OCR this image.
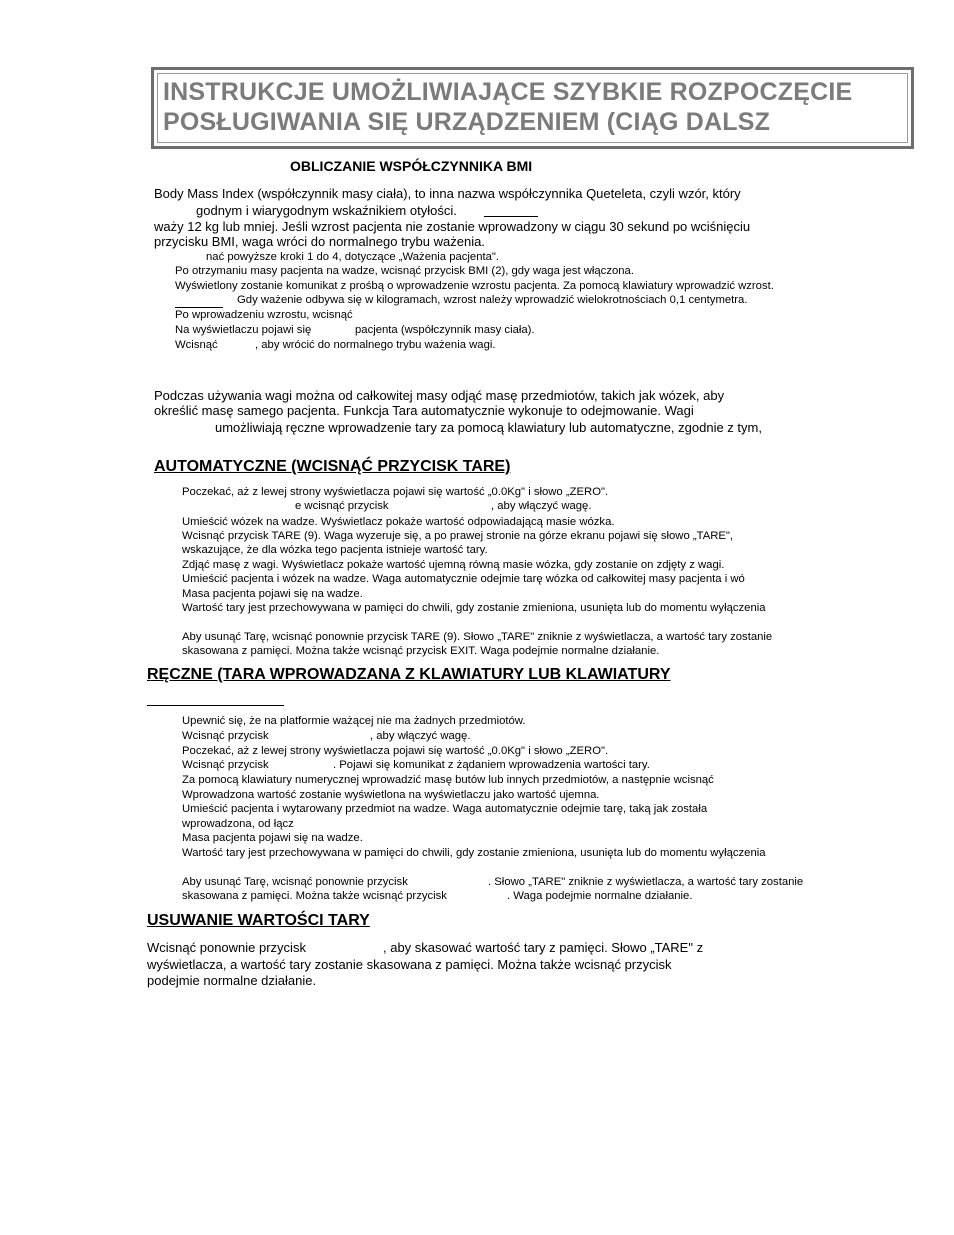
INSTRUKCJE UMOŻLIWIAJĄCE SZYBKIE ROZPOCZĘCIE
POSŁUGIWANIA SIĘ URZĄDZENIEM (CIĄG DALSZ
OBLICZANIE WSPÓŁCZYNNIKA BMI
Body Mass Index (współczynnik masy ciała), to inna nazwa współczynnika Queteleta, czyli wzór, który
godnym i wiarygodnym wskaźnikiem otyłości.
waży 12 kg lub mniej. Jeśli wzrost pacjenta nie zostanie wprowadzony w ciągu 30 sekund po wciśnięciu
przycisku BMI, waga wróci do normalnego trybu ważenia.
nać powyższe kroki 1 do 4, dotyczące „Ważenia pacjenta".
Po otrzymaniu masy pacjenta na wadze, wcisnąć przycisk BMI (2), gdy waga jest włączona.
Wyświetlony zostanie komunikat z prośbą o wprowadzenie wzrostu pacjenta. Za pomocą klawiatury wprowadzić wzrost.
Gdy ważenie odbywa się w kilogramach, wzrost należy wprowadzić wielokrotnościach 0,1 centymetra.
Po wprowadzeniu wzrostu, wcisnąć
Na wyświetlaczu pojawi się	pacjenta (współczynnik masy ciała).
Wcisnąć	, aby wrócić do normalnego trybu ważenia wagi.
Podczas używania wagi można od całkowitej masy odjąć masę przedmiotów, takich jak wózek, aby
określić masę samego pacjenta. Funkcja Tara automatycznie wykonuje to odejmowanie. Wagi
umożliwiają ręczne wprowadzenie tary za pomocą klawiatury lub automatyczne, zgodnie z tym,
AUTOMATYCZNE (WCISNĄĆ PRZYCISK TARE)
Poczekać, aż z lewej strony wyświetlacza pojawi się wartość „0.0Kg" i słowo „ZERO".
e wcisnąć przycisk	, aby włączyć wagę.
Umieścić wózek na wadze. Wyświetlacz pokaże wartość odpowiadającą masie wózka.
Wcisnąć przycisk TARE (9). Waga wyzeruje się, a po prawej stronie na górze ekranu pojawi się słowo „TARE",
wskazujące, że dla wózka tego pacjenta istnieje wartość tary.
Zdjąć masę z wagi. Wyświetlacz pokaże wartość ujemną równą masie wózka, gdy zostanie on zdjęty z wagi.
Umieścić pacjenta i wózek na wadze. Waga automatycznie odejmie tarę wózka od całkowitej masy pacjenta i wó
Masa pacjenta pojawi się na wadze.
Wartość tary jest przechowywana w pamięci do chwili, gdy zostanie zmieniona, usunięta lub do momentu wyłączenia
Aby usunąć Tarę, wcisnąć ponownie przycisk TARE (9). Słowo „TARE" zniknie z wyświetlacza, a wartość tary zostanie
skasowana z pamięci. Można także wcisnąć przycisk EXIT. Waga podejmie normalne działanie.
RĘCZNE (TARA WPROWADZANA Z KLAWIATURY LUB KLAWIATURY
Upewnić się, że na platformie ważącej nie ma żadnych przedmiotów.
Wcisnąć przycisk	, aby włączyć wagę.
Poczekać, aż z lewej strony wyświetlacza pojawi się wartość „0.0Kg" i słowo „ZERO".
Wcisnąć przycisk	. Pojawi się komunikat z żądaniem wprowadzenia wartości tary.
Za pomocą klawiatury numerycznej wprowadzić masę butów lub innych przedmiotów, a następnie wcisnąć
Wprowadzona wartość zostanie wyświetlona na wyświetlaczu jako wartość ujemna.
Umieścić pacjenta i wytarowany przedmiot na wadze. Waga automatycznie odejmie tarę, taką jak została
wprowadzona, od łącz
Masa pacjenta pojawi się na wadze.
Wartość tary jest przechowywana w pamięci do chwili, gdy zostanie zmieniona, usunięta lub do momentu wyłączenia
Aby usunąć Tarę, wcisnąć ponownie przycisk	. Słowo „TARE" zniknie z wyświetlacza, a wartość tary zostanie
skasowana z pamięci. Można także wcisnąć przycisk	. Waga podejmie normalne działanie.
USUWANIE WARTOŚCI TARY
Wcisnąć ponownie przycisk	, aby skasować wartość tary z pamięci. Słowo „TARE" z
wyświetlacza, a wartość tary zostanie skasowana z pamięci. Można także wcisnąć przycisk
podejmie normalne działanie.
